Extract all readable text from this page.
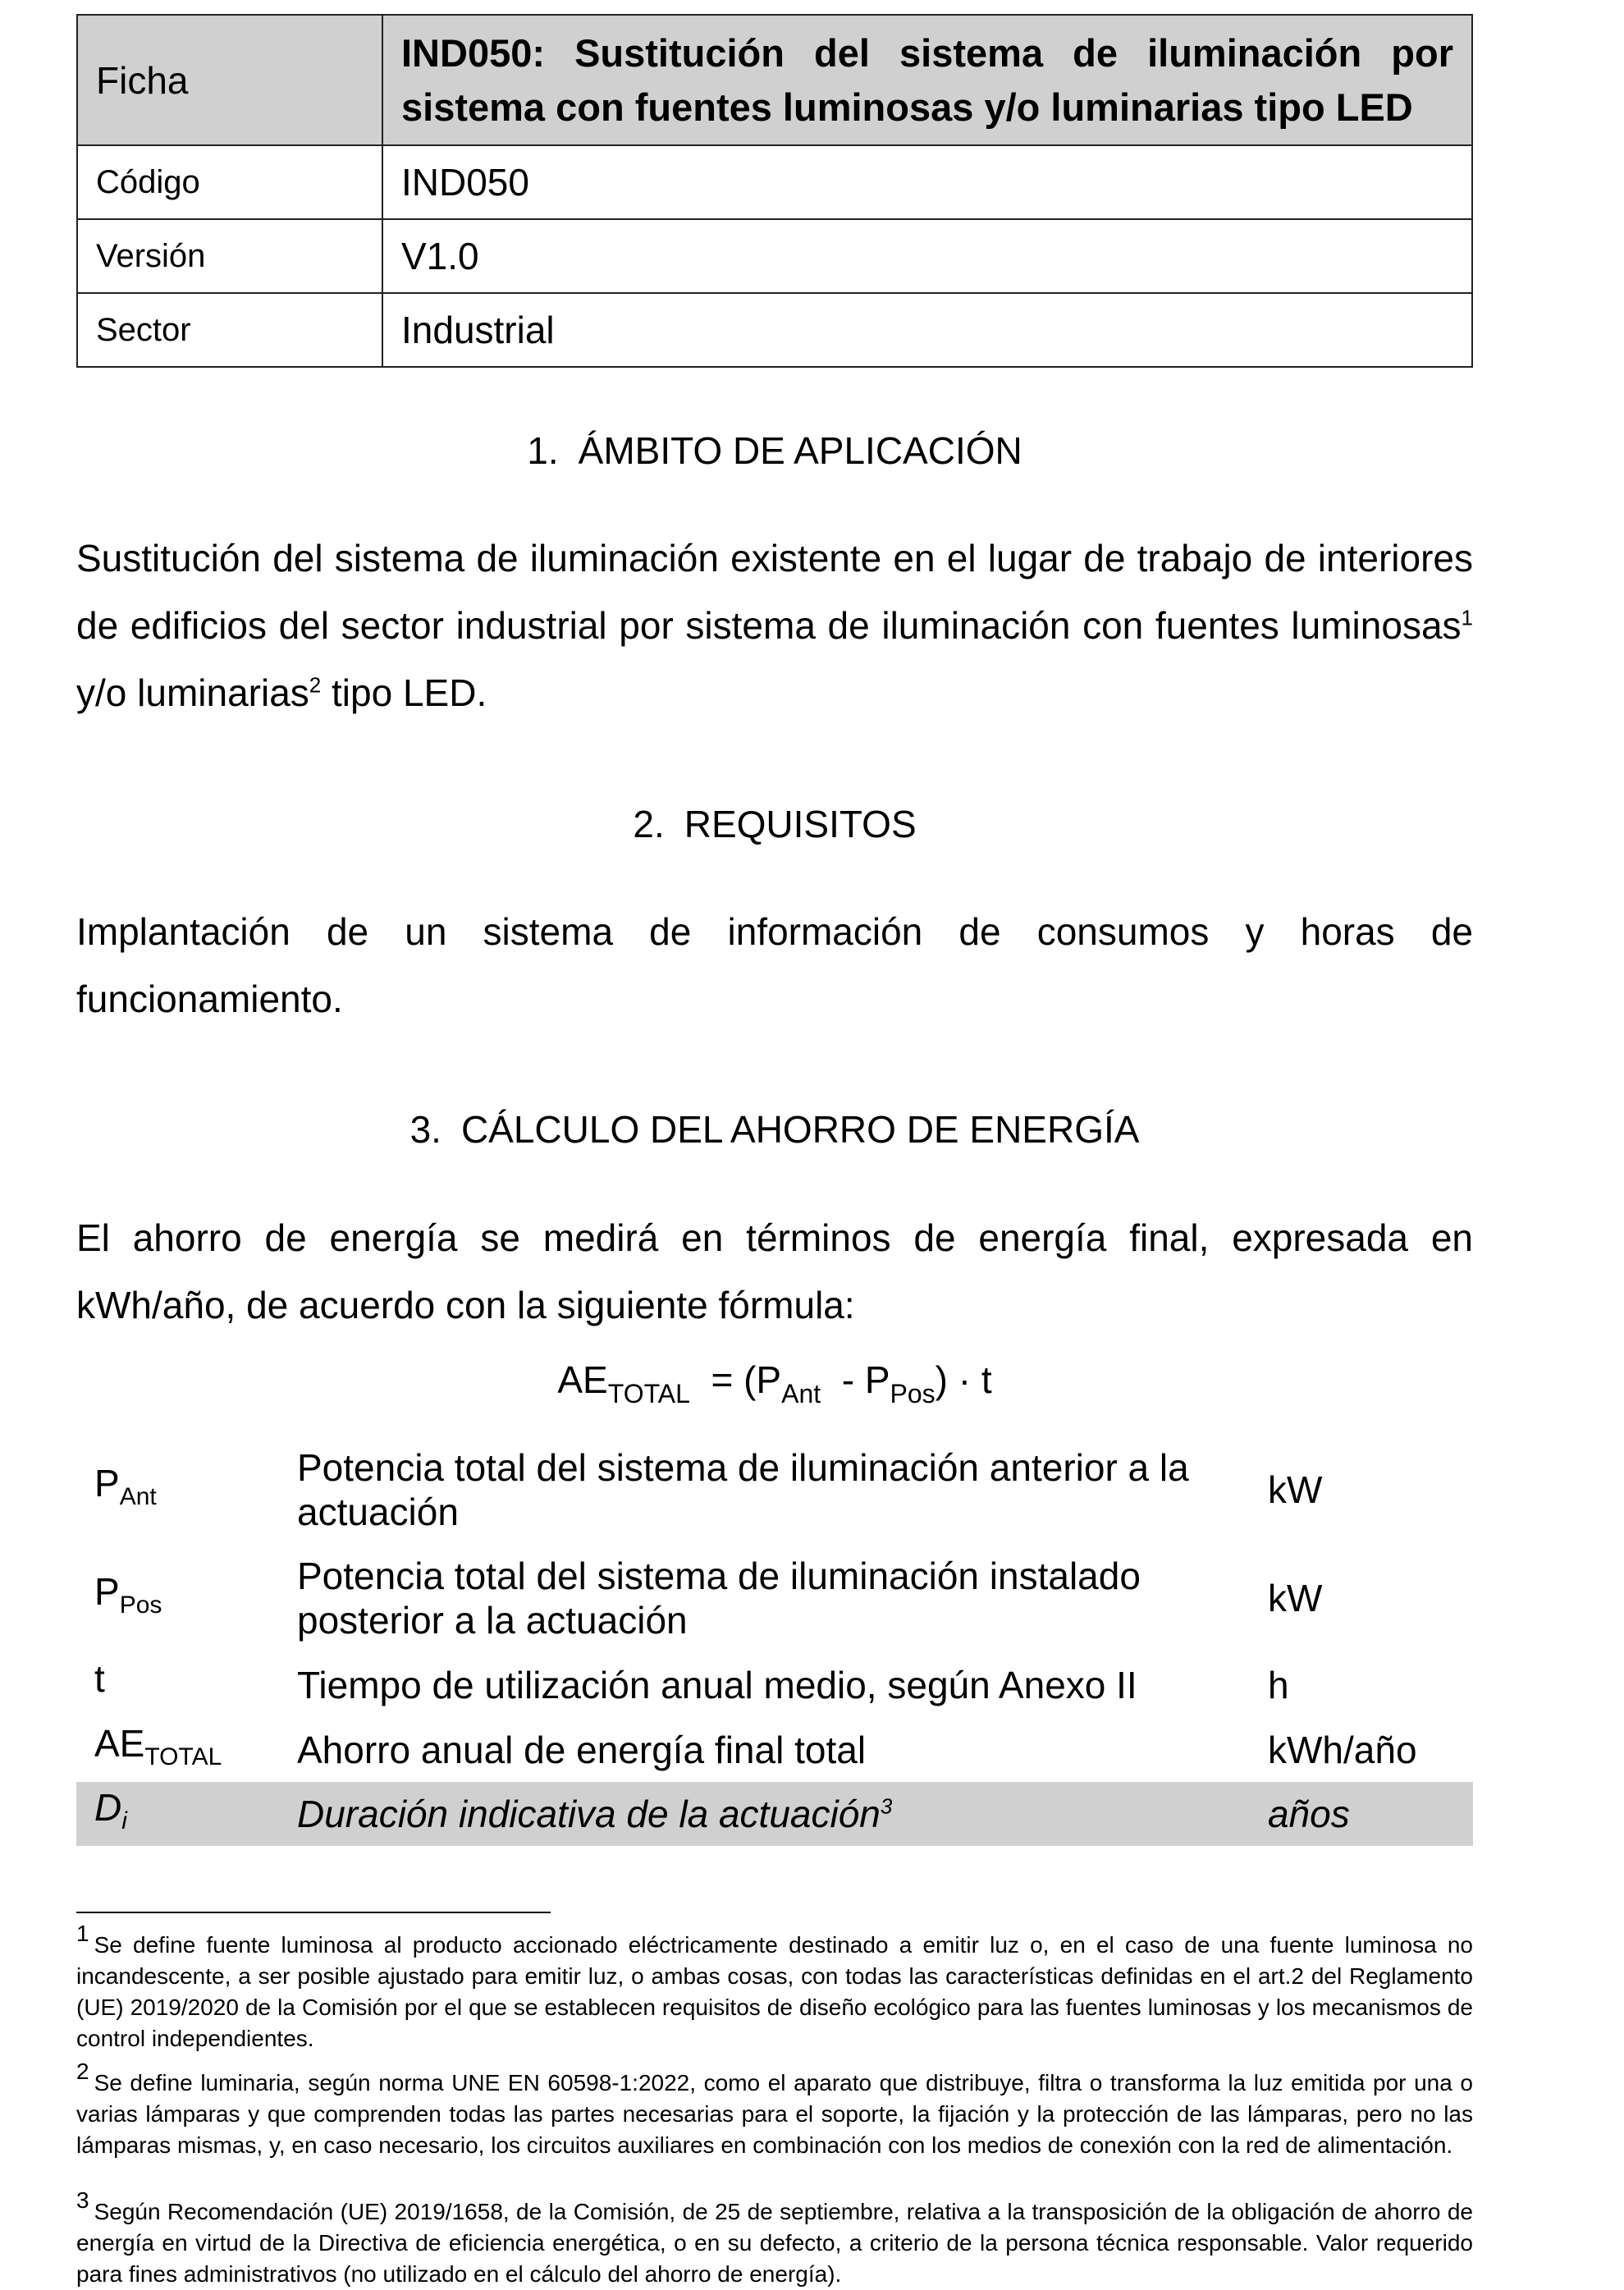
Ficha	IND050: Sustitución del sistema de iluminación por sistema con fuentes luminosas y/o luminarias tipo LED
Código	IND050
Versión	V1.0
Sector	Industrial
1. ÁMBITO DE APLICACIÓN

Sustitución del sistema de iluminación existente en el lugar de trabajo de interiores de edificios del sector industrial por sistema de iluminación con fuentes luminosas$^1$ y/o luminarias$^2$ tipo LED.

2. REQUISITOS

Implantación de un sistema de información de consumos y horas de funcionamiento.

3. CÁLCULO DEL AHORRO DE ENERGÍA

El ahorro de energía se medirá en términos de energía final, expresada en kWh/año, de acuerdo con la siguiente fórmula:

$AE_{TOTAL} = (P_{Ant} - P_{Pos}) \cdot t$
$P_{Ant}$	Potencia total del sistema de iluminación anterior a la actuación	kW
$P_{Pos}$	Potencia total del sistema de iluminación instalado posterior a la actuación	kW
t	Tiempo de utilización anual medio, según Anexo II	h
$AE_{TOTAL}$	Ahorro anual de energía final total	kWh/año
$D_i$	Duración indicativa de la actuación$^3$	años

1 Se define fuente luminosa al producto accionado eléctricamente destinado a emitir luz o, en el caso de una fuente luminosa no incandescente, a ser posible ajustado para emitir luz, o ambas cosas, con todas las características definidas en el art.2 del Reglamento (UE) 2019/2020 de la Comisión por el que se establecen requisitos de diseño ecológico para las fuentes luminosas y los mecanismos de control independientes.

2 Se define luminaria, según norma UNE EN 60598-1:2022, como el aparato que distribuye, filtra o transforma la luz emitida por una o varias lámparas y que comprenden todas las partes necesarias para el soporte, la fijación y la protección de las lámparas, pero no las lámparas mismas, y, en caso necesario, los circuitos auxiliares en combinación con los medios de conexión con la red de alimentación.

3 Según Recomendación (UE) 2019/1658, de la Comisión, de 25 de septiembre, relativa a la transposición de la obligación de ahorro de energía en virtud de la Directiva de eficiencia energética, o en su defecto, a criterio de la persona técnica responsable. Valor requerido para fines administrativos (no utilizado en el cálculo del ahorro de energía).
